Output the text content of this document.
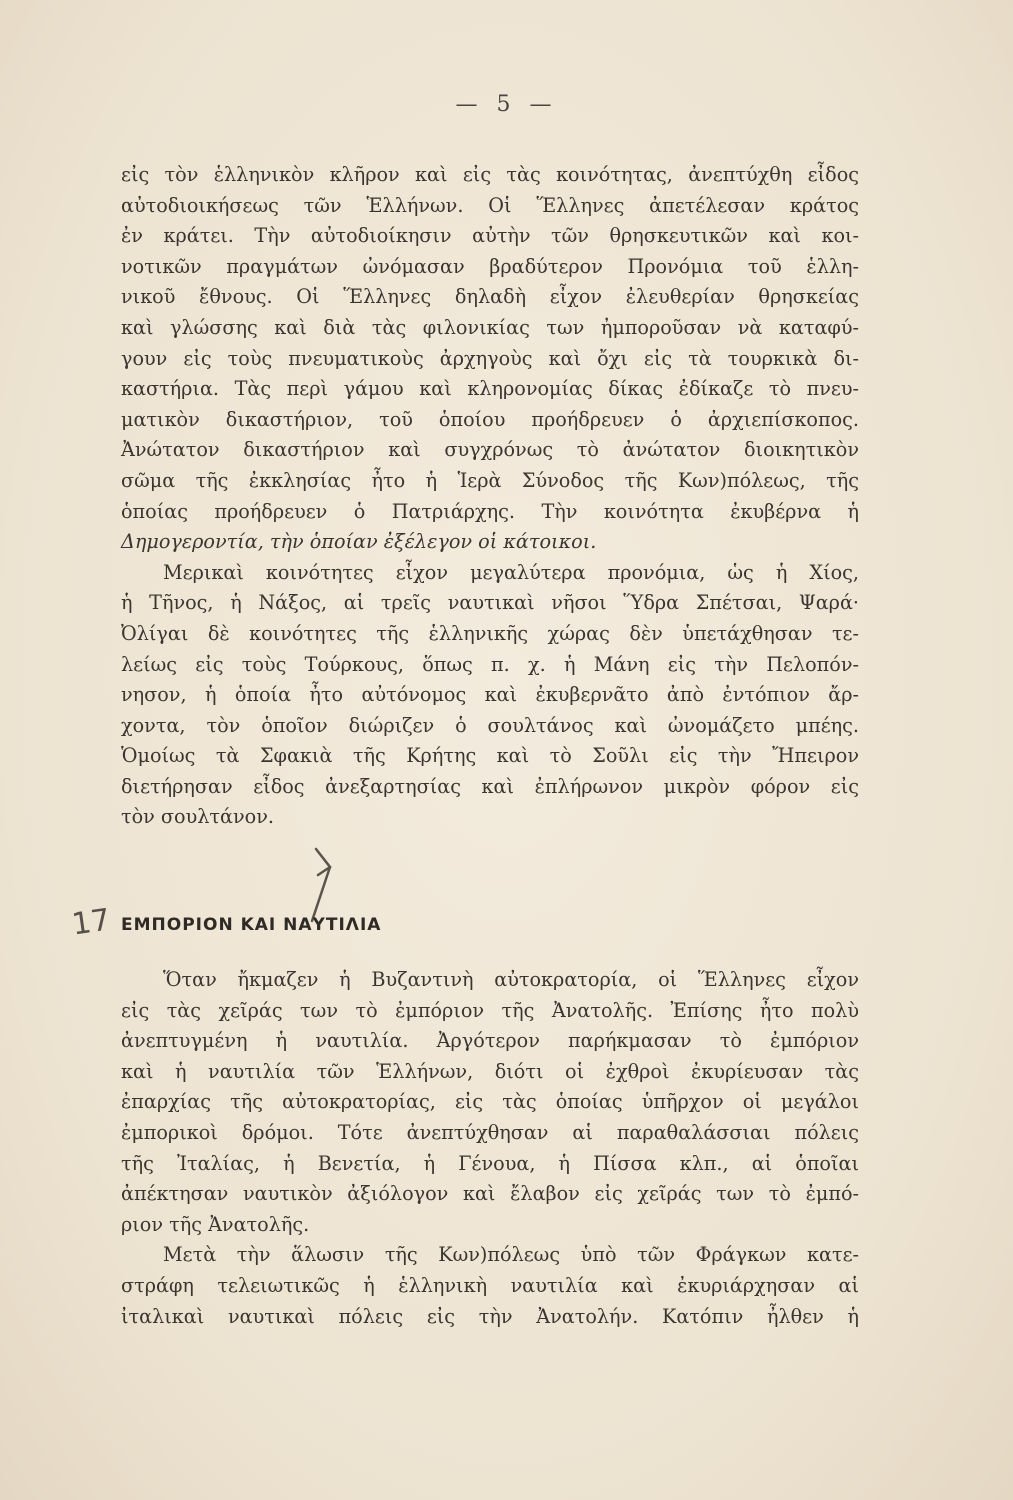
— 5 —
εἰς τὸν ἑλληνικὸν κλῆρον καὶ εἰς τὰς κοινότητας, ἀνεπτύχθη εἶδος
αὐτοδιοικήσεως τῶν Ἑλλήνων. Οἱ Ἕλληνες ἀπετέλεσαν κράτος
ἐν κράτει. Τὴν αὐτοδιοίκησιν αὐτὴν τῶν θρησκευτικῶν καὶ κοι-
νοτικῶν πραγμάτων ὠνόμασαν βραδύτερον Προνόμια τοῦ ἑλλη-
νικοῦ ἔθνους. Οἱ Ἕλληνες δηλαδὴ εἶχον ἐλευθερίαν θρησκείας
καὶ γλώσσης καὶ διὰ τὰς φιλονικίας των ἠμποροῦσαν νὰ καταφύ-
γουν εἰς τοὺς πνευματικοὺς ἀρχηγοὺς καὶ ὄχι εἰς τὰ τουρκικὰ δι-
καστήρια. Τὰς περὶ γάμου καὶ κληρονομίας δίκας ἐδίκαζε τὸ πνευ-
ματικὸν δικαστήριον, τοῦ ὁποίου προήδρευεν ὁ ἀρχιεπίσκοπος.
Ἀνώτατον δικαστήριον καὶ συγχρόνως τὸ ἀνώτατον διοικητικὸν
σῶμα τῆς ἐκκλησίας ἦτο ἡ Ἱερὰ Σύνοδος τῆς Κων)πόλεως, τῆς
ὁποίας προήδρευεν ὁ Πατριάρχης. Τὴν κοινότητα ἐκυβέρνα ἡ
Δημογεροντία, τὴν ὁποίαν ἐξέλεγον οἱ κάτοικοι.
Μερικαὶ κοινότητες εἶχον μεγαλύτερα προνόμια, ὡς ἡ Χίος,
ἡ Τῆνος, ἡ Νάξος, αἱ τρεῖς ναυτικαὶ νῆσοι Ὕδρα Σπέτσαι, Ψαρά·
Ὀλίγαι δὲ κοινότητες τῆς ἑλληνικῆς χώρας δὲν ὑπετάχθησαν τε-
λείως εἰς τοὺς Τούρκους, ὅπως π. χ. ἡ Μάνη εἰς τὴν Πελοπόν-
νησον, ἡ ὁποία ἦτο αὐτόνομος καὶ ἐκυβερνᾶτο ἀπὸ ἐντόπιον ἄρ-
χοντα, τὸν ὁποῖον διώριζεν ὁ σουλτάνος καὶ ὠνομάζετο μπέης.
Ὁμοίως τὰ Σφακιὰ τῆς Κρήτης καὶ τὸ Σοῦλι εἰς τὴν Ἤπειρον
διετήρησαν εἶδος ἀνεξαρτησίας καὶ ἐπλήρωνον μικρὸν φόρον εἰς
τὸν σουλτάνον.
17 ΕΜΠΟΡΙΟΝ ΚΑΙ ΝΑΥΤΙΛΙΑ
Ὅταν ἤκμαζεν ἡ Βυζαντινὴ αὐτοκρατορία, οἱ Ἕλληνες εἶχον
εἰς τὰς χεῖράς των τὸ ἐμπόριον τῆς Ἀνατολῆς. Ἐπίσης ἦτο πολὺ
ἀνεπτυγμένη ἡ ναυτιλία. Ἀργότερον παρήκμασαν τὸ ἐμπόριον
καὶ ἡ ναυτιλία τῶν Ἑλλήνων, διότι οἱ ἐχθροὶ ἐκυρίευσαν τὰς
ἐπαρχίας τῆς αὐτοκρατορίας, εἰς τὰς ὁποίας ὑπῆρχον οἱ μεγάλοι
ἐμπορικοὶ δρόμοι. Τότε ἀνεπτύχθησαν αἱ παραθαλάσσιαι πόλεις
τῆς Ἰταλίας, ἡ Βενετία, ἡ Γένουα, ἡ Πίσσα κλπ., αἱ ὁποῖαι
ἀπέκτησαν ναυτικὸν ἀξιόλογον καὶ ἔλαβον εἰς χεῖράς των τὸ ἐμπό-
ριον τῆς Ἀνατολῆς.
Μετὰ τὴν ἅλωσιν τῆς Κων)πόλεως ὑπὸ τῶν Φράγκων κατε-
στράφη τελειωτικῶς ἡ ἑλληνικὴ ναυτιλία καὶ ἐκυριάρχησαν αἱ
ἰταλικαὶ ναυτικαὶ πόλεις εἰς τὴν Ἀνατολήν. Κατόπιν ἦλθεν ἡ
